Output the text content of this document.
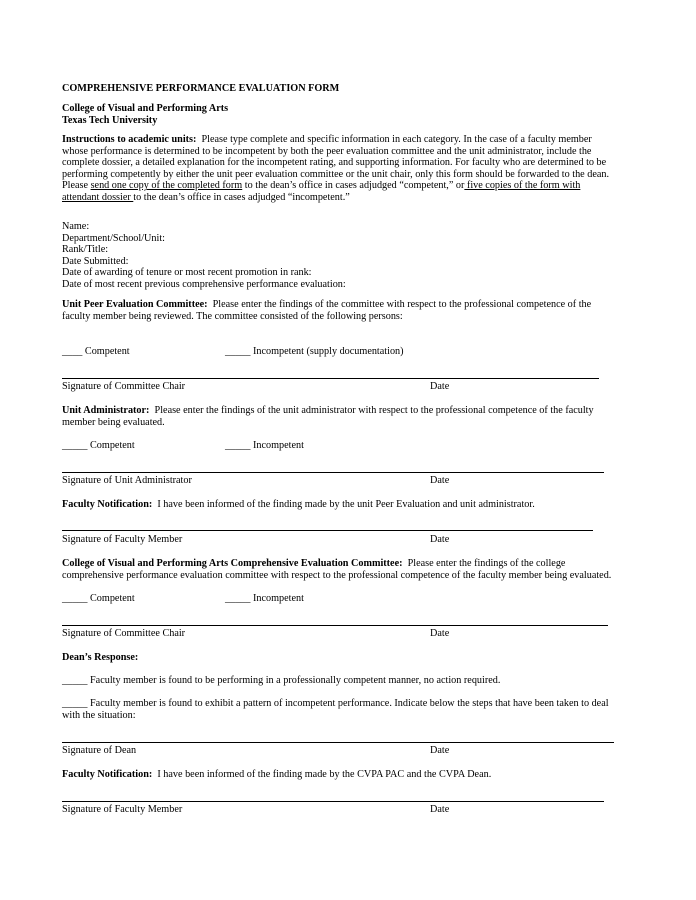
COMPREHENSIVE PERFORMANCE EVALUATION FORM
College of Visual and Performing Arts
Texas Tech University

Instructions to academic units: Please type complete and specific information in each category. In the case of a faculty member whose performance is determined to be incompetent by both the peer evaluation committee and the unit administrator, include the complete dossier, a detailed explanation for the incompetent rating, and supporting information. For faculty who are determined to be performing competently by either the unit peer evaluation committee or the unit chair, only this form should be forwarded to the dean. Please send one copy of the completed form to the dean’s office in cases adjudged “competent,” or five copies of the form with attendant dossier to the dean’s office in cases adjudged “incompetent.”

Name:
Department/School/Unit:
Rank/Title:
Date Submitted:
Date of awarding of tenure or most recent promotion in rank:
Date of most recent previous comprehensive performance evaluation:

Unit Peer Evaluation Committee: Please enter the findings of the committee with respect to the professional competence of the faculty member being reviewed. The committee consisted of the following persons:

____ Competent	_____ Incompetent (supply documentation)
Signature of Committee Chair	Date

Unit Administrator: Please enter the findings of the unit administrator with respect to the professional competence of the faculty member being evaluated.

_____ Competent	_____ Incompetent
Signature of Unit Administrator	Date

Faculty Notification: I have been informed of the finding made by the unit Peer Evaluation and unit administrator.

Signature of Faculty Member	Date

College of Visual and Performing Arts Comprehensive Evaluation Committee: Please enter the findings of the college comprehensive performance evaluation committee with respect to the professional competence of the faculty member being evaluated.

_____ Competent	_____ Incompetent
Signature of Committee Chair	Date
Dean’s Response:
_____ Faculty member is found to be performing in a professionally competent manner, no action required.
_____ Faculty member is found to exhibit a pattern of incompetent performance. Indicate below the steps that have been taken to deal with the situation:
Signature of Dean	Date

Faculty Notification: I have been informed of the finding made by the CVPA PAC and the CVPA Dean.

Signature of Faculty Member	Date
